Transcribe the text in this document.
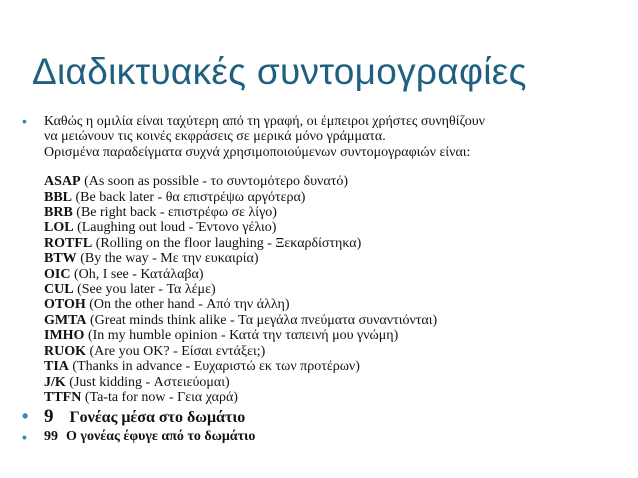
Διαδικτυακές συντομογραφίες
• Καθώς η ομιλία είναι ταχύτερη από τη γραφή, οι έμπειροι χρήστες συνηθίζουν
να μειώνουν τις κοινές εκφράσεις σε μερικά μόνο γράμματα.
Ορισμένα παραδείγματα συχνά χρησιμοποιούμενων συντομογραφιών είναι:
ASAP (As soon as possible - το συντομότερο δυνατό)
BBL (Be back later - θα επιστρέψω αργότερα)
BRB (Be right back - επιστρέφω σε λίγο)
LOL (Laughing out loud - Έντονο γέλιο)
ROTFL (Rolling on the floor laughing - Ξεκαρδίστηκα)
BTW (By the way - Με την ευκαιρία)
OIC (Oh, I see - Κατάλαβα)
CUL (See you later - Τα λέμε)
OTOH (On the other hand - Από την άλλη)
GMTA (Great minds think alike - Τα μεγάλα πνεύματα συναντιόνται)
IMHO (In my humble opinion - Κατά την ταπεινή μου γνώμη)
RUOK (Are you OK? - Είσαι εντάξει;)
TIA (Thanks in advance - Ευχαριστώ εκ των προτέρων)
J/K (Just kidding - Αστειεύομαι)
TTFN (Ta-ta for now - Γεια χαρά)
• 9 Γονέας μέσα στο δωμάτιο
• 99 Ο γονέας έφυγε από το δωμάτιο
